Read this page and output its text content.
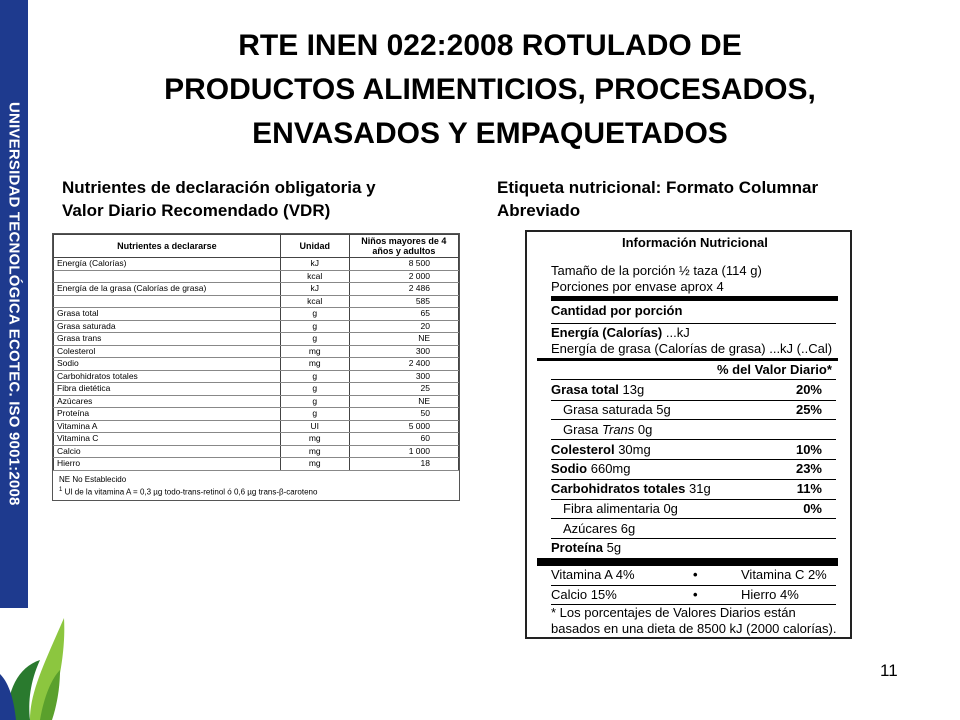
UNIVERSIDAD TECNOLÓGICA ECOTEC. ISO 9001:2008
RTE INEN 022:2008 ROTULADO DE
PRODUCTOS ALIMENTICIOS, PROCESADOS,
ENVASADOS Y EMPAQUETADOS
Nutrientes de declaración obligatoria y
Valor Diario Recomendado (VDR)
Etiqueta nutricional: Formato Columnar
Abreviado
Nutrientes a declararse	Unidad	Niños mayores de 4 años y adultos
Energía (Calorías)	kJ	8 500
	kcal	2 000
Energía de la grasa (Calorías de grasa)	kJ	2 486
	kcal	585
Grasa total	g	65
Grasa saturada	g	20
Grasa trans	g	NE
Colesterol	mg	300
Sodio	mg	2 400
Carbohidratos totales	g	300
Fibra dietética	g	25
Azúcares	g	NE
Proteína	g	50
Vitamina A	UI	5 000
Vitamina C	mg	60
Calcio	mg	1 000
Hierro	mg	18
NE No Establecido
$^1$ UI de la vitamina A = 0,3 µg todo-trans-retinol ó 0,6 µg trans-β-caroteno
Información Nutricional
Tamaño de la porción ½ taza (114 g)
Porciones por envase aprox 4
Cantidad por porción
Energía (Calorías) ...kJ
Energía de grasa (Calorías de grasa) ...kJ (..Cal)
% del Valor Diario*
Grasa total 13g	20%
Grasa saturada 5g	25%
Grasa Trans 0g
Colesterol 30mg	10%
Sodio 660mg	23%
Carbohidratos totales 31g	11%
Fibra alimentaria 0g	0%
Azúcares 6g
Proteína 5g
Vitamina A 4%	•	Vitamina C 2%
Calcio 15%	•	Hierro 4%
* Los porcentajes de Valores Diarios están
basados en una dieta de 8500 kJ (2000 calorías).
11
